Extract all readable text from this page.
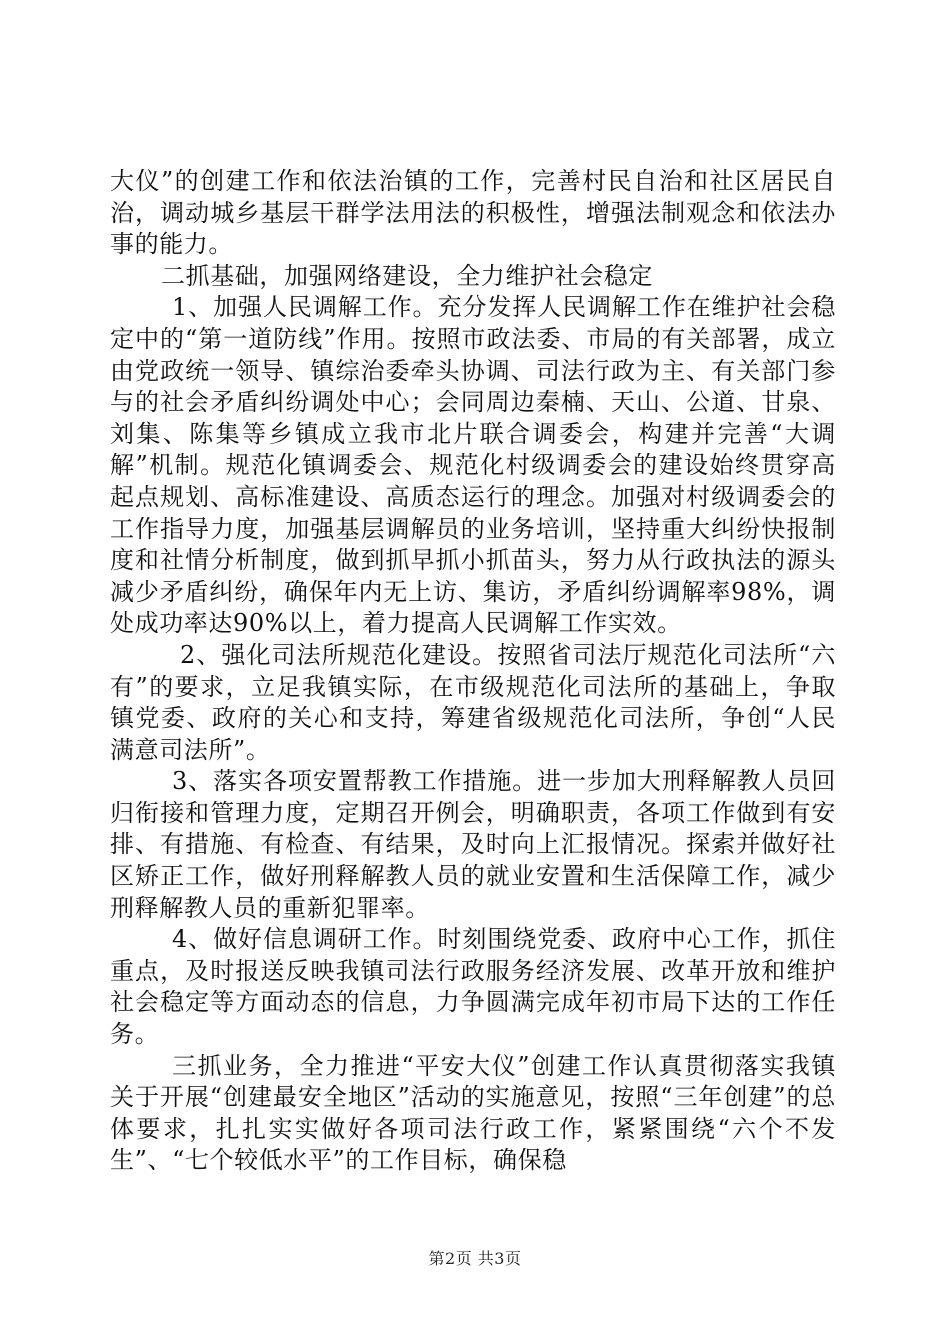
大仪”的创建工作和依法治镇的工作，完善村民自治和社区居民自治，调动城乡基层干群学法用法的积极性，增强法制观念和依法办事的能力。

二抓基础，加强网络建设，全力维护社会稳定

1、加强人民调解工作。充分发挥人民调解工作在维护社会稳定中的“第一道防线”作用。按照市政法委、市局的有关部署，成立由党政统一领导、镇综治委牵头协调、司法行政为主、有关部门参与的社会矛盾纠纷调处中心；会同周边秦楠、天山、公道、甘泉、刘集、陈集等乡镇成立我市北片联合调委会，构建并完善“大调解”机制。规范化镇调委会、规范化村级调委会的建设始终贯穿高起点规划、高标准建设、高质态运行的理念。加强对村级调委会的工作指导力度，加强基层调解员的业务培训，坚持重大纠纷快报制度和社情分析制度，做到抓早抓小抓苗头，努力从行政执法的源头减少矛盾纠纷，确保年内无上访、集访，矛盾纠纷调解率98%，调处成功率达90%以上，着力提高人民调解工作实效。

2、强化司法所规范化建设。按照省司法厅规范化司法所“六有”的要求，立足我镇实际，在市级规范化司法所的基础上，争取镇党委、政府的关心和支持，筹建省级规范化司法所，争创“人民满意司法所”。

3、落实各项安置帮教工作措施。进一步加大刑释解教人员回归衔接和管理力度，定期召开例会，明确职责，各项工作做到有安排、有措施、有检查、有结果，及时向上汇报情况。探索并做好社区矫正工作，做好刑释解教人员的就业安置和生活保障工作，减少刑释解教人员的重新犯罪率。

4、做好信息调研工作。时刻围绕党委、政府中心工作，抓住重点，及时报送反映我镇司法行政服务经济发展、改革开放和维护社会稳定等方面动态的信息，力争圆满完成年初市局下达的工作任务。

三抓业务，全力推进“平安大仪”创建工作认真贯彻落实我镇关于开展“创建最安全地区”活动的实施意见，按照“三年创建”的总体要求，扎扎实实做好各项司法行政工作，紧紧围绕“六个不发生”、“七个较低水平”的工作目标，确保稳

第2页 共3页
